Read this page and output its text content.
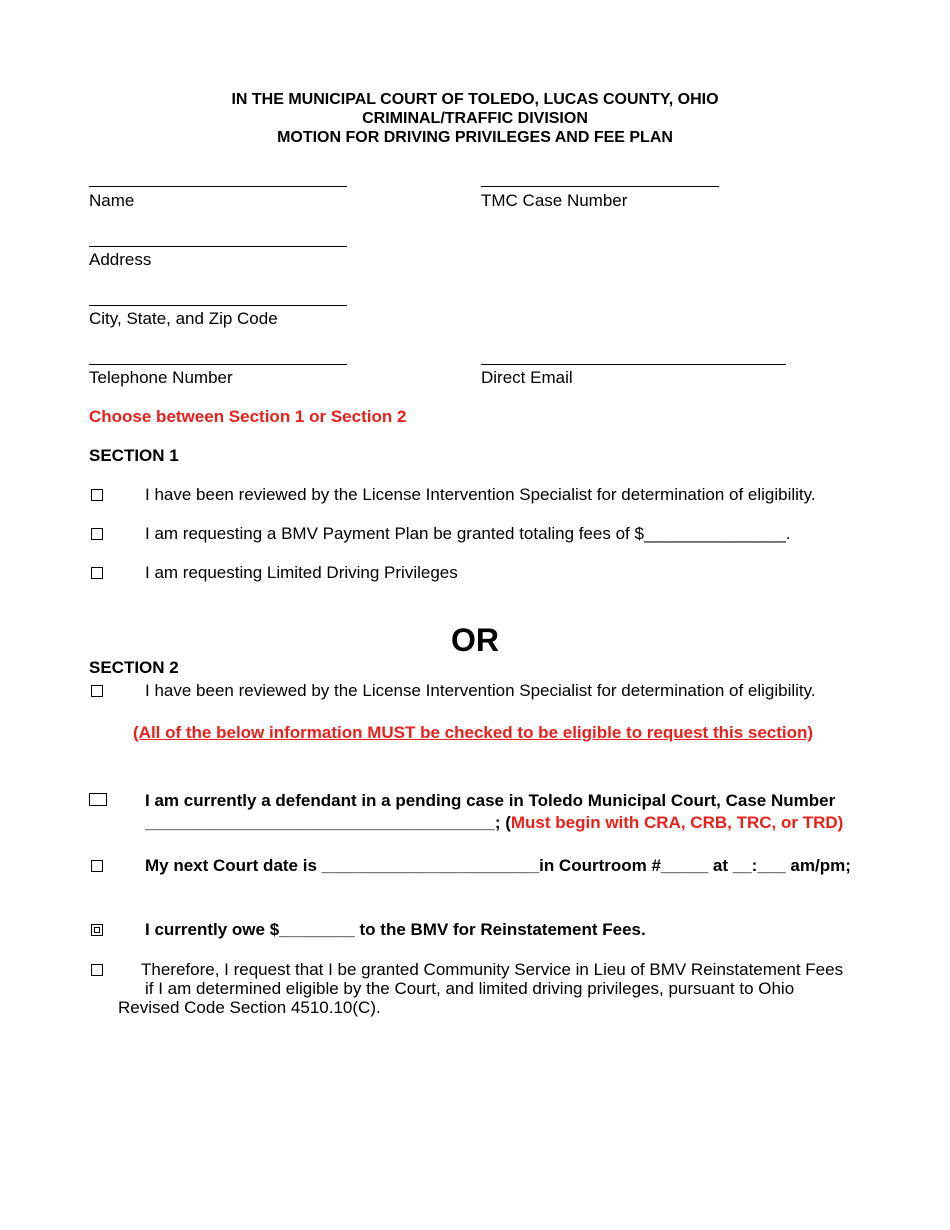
IN THE MUNICIPAL COURT OF TOLEDO, LUCAS COUNTY, OHIO
CRIMINAL/TRAFFIC DIVISION
MOTION FOR DRIVING PRIVILEGES AND FEE PLAN
Name	TMC Case Number
Address
City, State, and Zip Code
Telephone Number	Direct Email
Choose between Section 1 or Section 2
SECTION 1
I have been reviewed by the License Intervention Specialist for determination of eligibility.
I am requesting a BMV Payment Plan be granted totaling fees of $_______________.
I am requesting Limited Driving Privileges
OR
SECTION 2
I have been reviewed by the License Intervention Specialist for determination of eligibility.
(All of the below information MUST be checked to be eligible to request this section)
I am currently a defendant in a pending case in Toledo Municipal Court, Case Number
_____________________________________; (Must begin with CRA, CRB, TRC, or TRD)
My next Court date is _______________________in Courtroom #_____ at __:___ am/pm;
I currently owe $________ to the BMV for Reinstatement Fees.
Therefore, I request that I be granted Community Service in Lieu of BMV Reinstatement Fees
if I am determined eligible by the Court, and limited driving privileges, pursuant to Ohio
Revised Code Section 4510.10(C).
